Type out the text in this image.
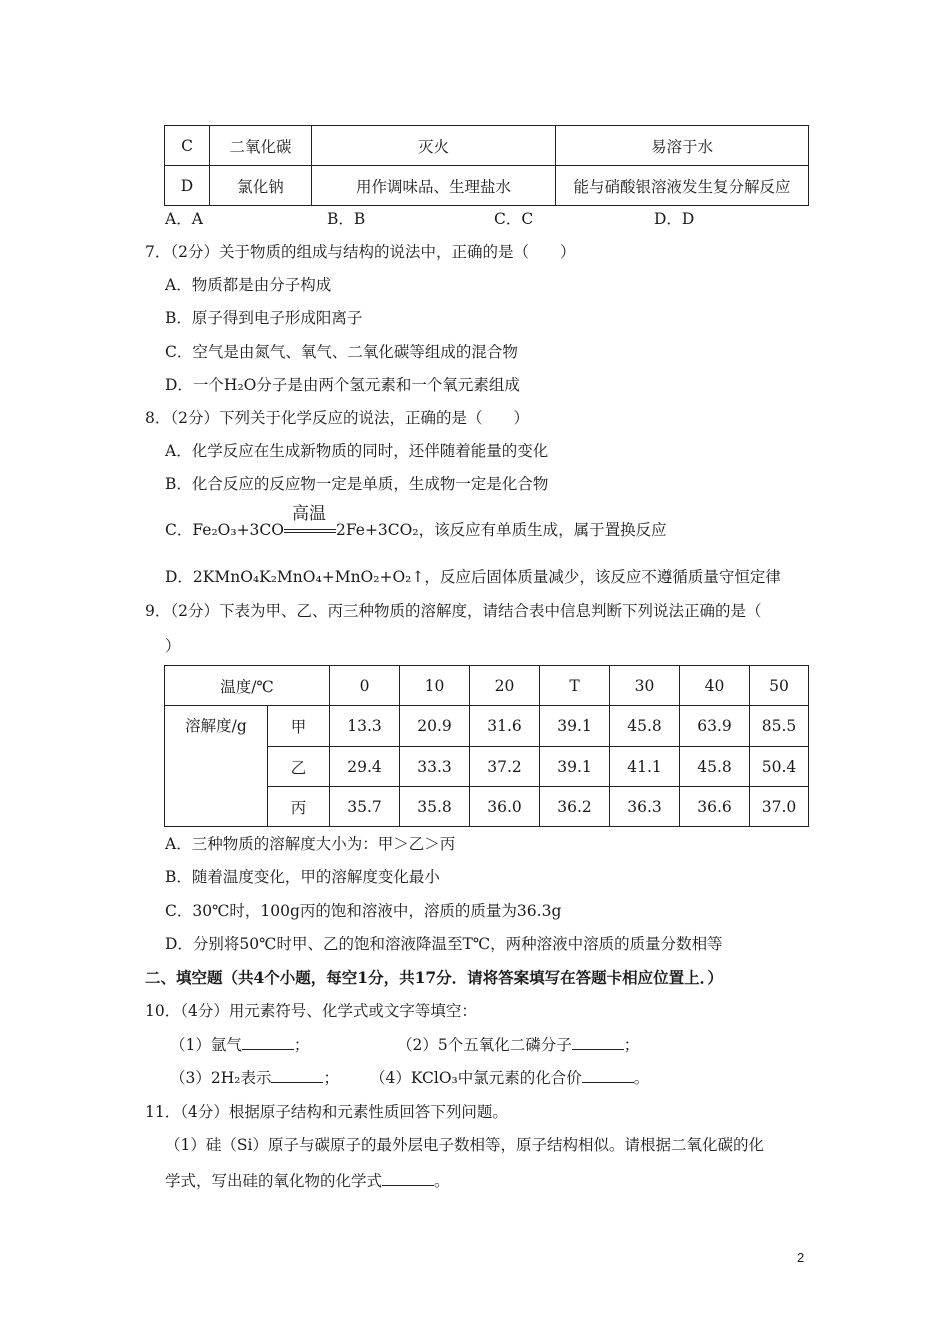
C	二氧化碳	灭火	易溶于水
D	氯化钠	用作调味品、生理盐水	能与硝酸银溶液发生复分解反应
A．A	B．B	C．C	D．D
7．（2分）关于物质的组成与结构的说法中，正确的是（　　）
A．物质都是由分子构成
B．原子得到电子形成阳离子
C．空气是由氮气、氧气、二氧化碳等组成的混合物
D．一个H₂O分子是由两个氢元素和一个氧元素组成
8．（2分）下列关于化学反应的说法，正确的是（　　）
A．化学反应在生成新物质的同时，还伴随着能量的变化
B．化合反应的反应物一定是单质，生成物一定是化合物
C．Fe₂O₃+3CO
高温
2Fe+3CO₂，该反应有单质生成，属于置换反应
D．2KMnO₄K₂MnO₄+MnO₂+O₂↑，反应后固体质量减少，该反应不遵循质量守恒定律
9．（2分）下表为甲、乙、丙三种物质的溶解度，请结合表中信息判断下列说法正确的是（
）
温度/℃		0	10	20	T	30	40	50
溶解度/g	甲	13.3	20.9	31.6	39.1	45.8	63.9	85.5
	乙	29.4	33.3	37.2	39.1	41.1	45.8	50.4
	丙	35.7	35.8	36.0	36.2	36.3	36.6	37.0
A．三种物质的溶解度大小为：甲＞乙＞丙
B．随着温度变化，甲的溶解度变化最小
C．30℃时，100g丙的饱和溶液中，溶质的质量为36.3g
D．分别将50℃时甲、乙的饱和溶液降温至T℃，两种溶液中溶质的质量分数相等
二、填空题（共4个小题，每空1分，共17分．请将答案填写在答题卡相应位置上．）
10．（4分）用元素符号、化学式或文字等填空：
（1）氩气	；	（2）5个五氧化二磷分子	；
（3）2H₂表示	； （4）KClO₃中氯元素的化合价	。
11．（4分）根据原子结构和元素性质回答下列问题。
（1）硅（Si）原子与碳原子的最外层电子数相等，原子结构相似。请根据二氧化碳的化
学式，写出硅的氧化物的化学式	。
2
